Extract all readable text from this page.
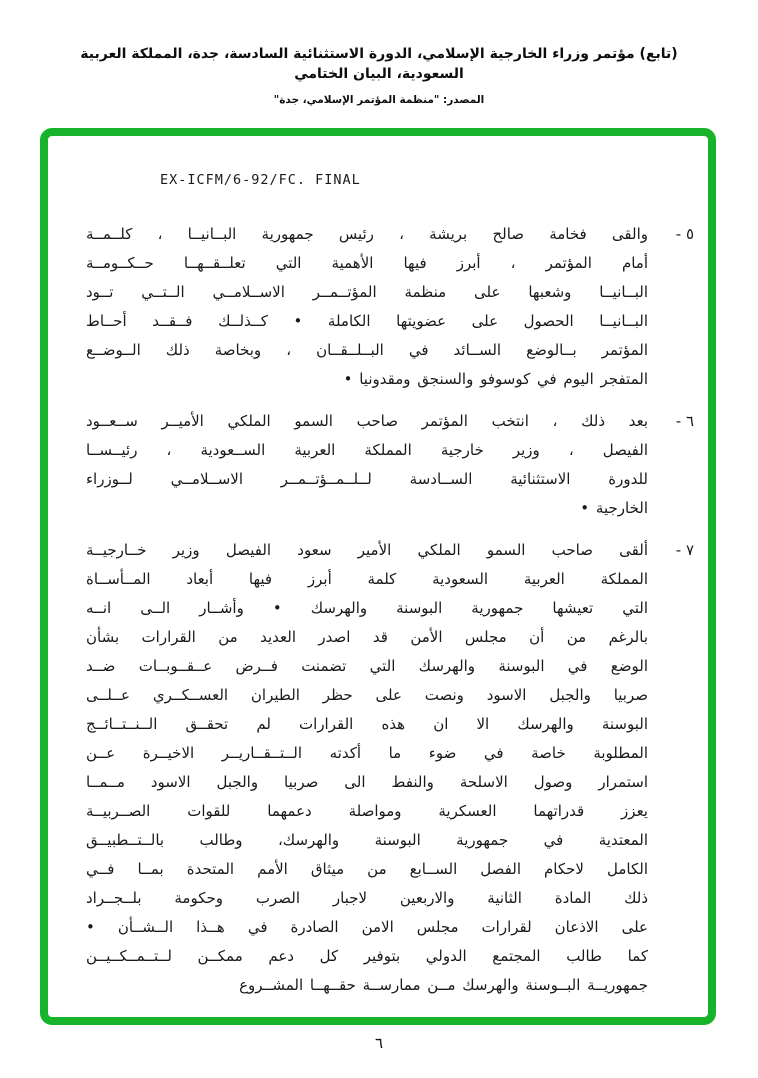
(تابع) مؤتمر وزراء الخارجية الإسلامي، الدورة الاستثنائية السادسة، جدة، المملكة العربية السعودية، البيان الختامي
المصدر: "منظمة المؤتمر الإسلامي، جدة"
EX-ICFM/6-92/FC. FINAL
٥ -
والقى فخامة صالح بريشة ، رئيس جمهورية البــانيــا ، كلــمــة
أمام المؤتمر ، أبرز فيها الأهمية التي تعلــقــهــا حــكــومــة
البــانيــا وشعبها على منظمة المؤتــمــر الاســلامــي الــتــي تــود
البــانيــا الحصول على عضويتها الكاملة • كــذلــك فــقــد أحــاط
المؤتمر بــالوضع الســائد في البــلــقــان ، وبخاصة ذلك الــوضــع
المتفجر اليوم في كوسوفو والسنجق ومقدونيا •
٦ -
بعد ذلك ، انتخب المؤتمر صاحب السمو الملكي الأميــر ســعــود
الفيصل ، وزير خارجية المملكة العربية الســعودية ، رئيــســا
للدورة الاستثنائية الســادسة لــلــمــؤتــمــر الاســلامــي لــوزراء
الخارجية •
٧ -
ألقى صاحب السمو الملكي الأمير سعود الفيصل وزير خــارجيــة
المملكة العربية السعودية كلمة أبرز فيها أبعاد المــأســاة
التي تعيشها جمهورية البوسنة والهرسك • وأشــار الــى انــه
بالرغم من أن مجلس الأمن قد اصدر العديد من القرارات بشأن
الوضع في البوسنة والهرسك التي تضمنت فــرض عــقــوبــات ضــد
صربيا والجبل الاسود ونصت على حظر الطيران العســكــري عــلــى
البوسنة والهرسك الا ان هذه القرارات لم تحقــق الــنــتــائــج
المطلوبة خاصة في ضوء ما أكدته الــتــقــاريــر الاخيــرة عــن
استمرار وصول الاسلحة والنفط الى صربيا والجبل الاسود مــمــا
يعزز قدراتهما العسكرية ومواصلة دعمهما للقوات الصــربيــة
المعتدية في جمهورية البوسنة والهرسك، وطالب بالــتــطبيــق
الكامل لاحكام الفصل الســابع من ميثاق الأمم المتحدة بمــا فــي
ذلك المادة الثانية والاربعين لاجبار الصرب وحكومة بلــجــراد
على الاذعان لقرارات مجلس الامن الصادرة في هــذا الــشــأن •
كما طالب المجتمع الدولي بتوفير كل دعم ممكــن لــتــمــكــيــن
جمهوريــة البــوسنة والهرسك مــن ممارســة حقــهــا المشــروع
٦
